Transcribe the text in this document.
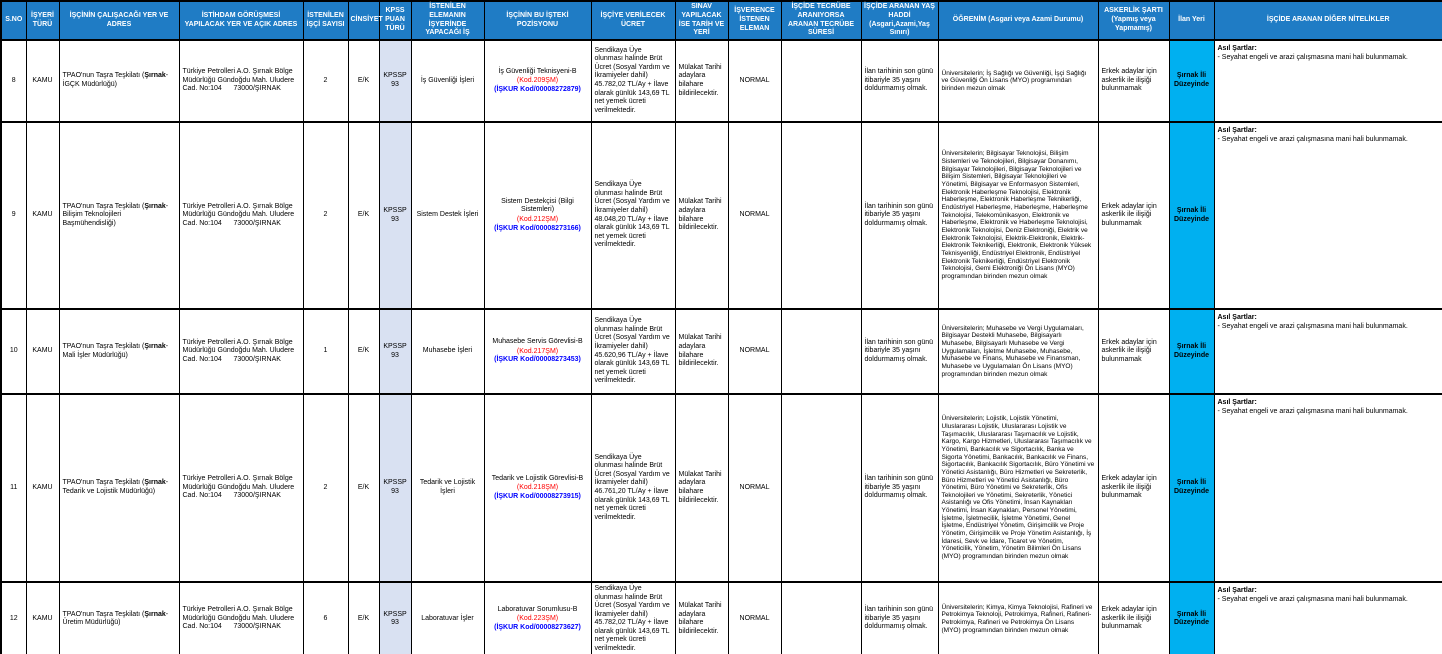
S.NO	İŞYERİ TÜRÜ	İŞÇİNİN ÇALIŞACAĞI YER VE ADRES	İSTİHDAM GÖRÜŞMESİ YAPILACAK YER VE AÇIK ADRES	İSTENİLEN İŞÇİ SAYISI	CİNSİYET	KPSS PUAN TÜRÜ	İSTENİLEN ELEMANIN İŞYERİNDE YAPACAĞI İŞ	İŞÇİNİN BU İŞTEKİ POZİSYONU	İŞÇİYE VERİLECEK ÜCRET	SINAV YAPILACAK İSE TARİH VE YERİ	İŞVERENCE İSTENEN ELEMAN	İŞÇİDE TECRÜBE ARANIYORSA ARANAN TECRÜBE SÜRESİ	İŞÇİDE ARANAN YAŞ HADDİ (Asgari,Azami,Yaş Sınırı)	ÖĞRENİM (Asgari veya Azami Durumu)	ASKERLİK ŞARTI (Yapmış veya Yapmamış)	İlan Yeri	İŞÇİDE ARANAN DİĞER NİTELİKLER
8	KAMU	TPAO'nun Taşra Teşkilatı (Şırnak-İGÇK Müdürlüğü)	Türkiye Petrolleri A.O. Şırnak Bölge Müdürlüğü Gündoğdu Mah. Uludere Cad. No:104      73000/ŞIRNAK	2	E/K	KPSSP93	İş Güvenliği İşleri	
İş Güvenliği Teknisyeni-B
(Kod.209ŞM)
(İŞKUR Kod/00008272879)
	Sendikaya Üye olunması halinde Brüt Ücret (Sosyal Yardım ve İkramiyeler dahil) 45.782,02 TL/Ay + İlave olarak günlük 143,69 TL net yemek ücreti verilmektedir.	Mülakat Tarihi adaylara bilahare bildirilecektir.	NORMAL		İlan tarihinin son günü itibariyle 35 yaşını doldurmamış olmak.	Üniversitelerin; İş Sağlığı ve Güvenliği, İşçi Sağlığı ve Güvenliği Ön Lisans (MYO) programından birinden mezun olmak	Erkek adaylar için askerlik ile ilişiği bulunmamak	Şırnak İli Düzeyinde	
Asıl Şartlar:
- Seyahat engeli ve arazi çalışmasına mani hali bulunmamak.
9	KAMU	TPAO'nun Taşra Teşkilatı (Şırnak-Bilişim Teknolojileri Başmühendisliği)	Türkiye Petrolleri A.O. Şırnak Bölge Müdürlüğü Gündoğdu Mah. Uludere Cad. No:104      73000/ŞIRNAK	2	E/K	KPSSP93	Sistem Destek İşleri	
Sistem Destekçisi (Bilgi Sistemleri)
(Kod.212ŞM)
(İŞKUR Kod/00008273166)
	Sendikaya Üye olunması halinde Brüt Ücret (Sosyal Yardım ve İkramiyeler dahil) 48.048,20 TL/Ay + İlave olarak günlük 143,69 TL net yemek ücreti verilmektedir.	Mülakat Tarihi adaylara bilahare bildirilecektir.	NORMAL		İlan tarihinin son günü itibariyle 35 yaşını doldurmamış olmak.	Üniversitelerin; Bilgisayar Teknolojisi, Bilişim Sistemleri ve Teknolojileri, Bilgisayar Donanımı, Bilgisayar Teknolojileri, Bilgisayar Teknolojileri ve Bilişim Sistemleri, Bilgisayar Teknolojileri ve Yönetimi, Bilgisayar ve Enformasyon Sistemleri, Elektronik Haberleşme Teknolojisi, Elektronik Haberleşme, Elektronik Haberleşme Teknikerliği, Endüstriyel Haberleşme, Haberleşme, Haberleşme Teknolojisi, Telekomünikasyon, Elektronik ve Haberleşme, Elektronik ve Haberleşme Teknolojisi, Elektronik Teknolojisi, Deniz Elektroniği, Elektrik ve Elektronik Teknolojisi, Elektrik-Elektronik, Elektrik-Elektronik Teknikerliği, Elektronik, Elektronik Yüksek Teknisyenliği, Endüstriyel Elektronik, Endüstriyel Elektronik Teknikerliği, Endüstriyel Elektronik Teknolojisi, Gemi Elektroniği Ön Lisans (MYO) programından birinden mezun olmak	Erkek adaylar için askerlik ile ilişiği bulunmamak	Şırnak İli Düzeyinde	
Asıl Şartlar:
- Seyahat engeli ve arazi çalışmasına mani hali bulunmamak.
10	KAMU	TPAO'nun Taşra Teşkilatı (Şırnak-Mali İşler Müdürlüğü)	Türkiye Petrolleri A.O. Şırnak Bölge Müdürlüğü Gündoğdu Mah. Uludere Cad. No:104      73000/ŞIRNAK	1	E/K	KPSSP93	Muhasebe İşleri	
Muhasebe Servis Görevlisi-B
(Kod.217ŞM)
(İŞKUR Kod/00008273453)
	Sendikaya Üye olunması halinde Brüt Ücret (Sosyal Yardım ve İkramiyeler dahil) 45.620,96 TL/Ay + İlave olarak günlük 143,69 TL net yemek ücreti verilmektedir.	Mülakat Tarihi adaylara bilahare bildirilecektir.	NORMAL		İlan tarihinin son günü itibariyle 35 yaşını doldurmamış olmak.	Üniversitelerin; Muhasebe ve Vergi Uygulamaları, Bilgisayar Destekli Muhasebe, Bilgisayarlı Muhasebe, Bilgisayarlı Muhasebe ve Vergi Uygulamaları, İşletme Muhasebe, Muhasebe, Muhasebe ve Finans, Muhasebe ve Finansman, Muhasebe ve Uygulamaları Ön Lisans (MYO) programından birinden mezun olmak	Erkek adaylar için askerlik ile ilişiği bulunmamak	Şırnak İli Düzeyinde	
Asıl Şartlar:
- Seyahat engeli ve arazi çalışmasına mani hali bulunmamak.
11	KAMU	TPAO'nun Taşra Teşkilatı (Şırnak-Tedarik ve Lojistik Müdürlüğü)	Türkiye Petrolleri A.O. Şırnak Bölge Müdürlüğü Gündoğdu Mah. Uludere Cad. No:104      73000/ŞIRNAK	2	E/K	KPSSP93	Tedarik ve Lojistik İşleri	
Tedarik ve Lojistik Görevlisi-B
(Kod.218ŞM)
(İŞKUR Kod/00008273915)
	Sendikaya Üye olunması halinde Brüt Ücret (Sosyal Yardım ve İkramiyeler dahil) 46.761,20 TL/Ay + İlave olarak günlük 143,69 TL net yemek ücreti verilmektedir.	Mülakat Tarihi adaylara bilahare bildirilecektir.	NORMAL		İlan tarihinin son günü itibariyle 35 yaşını doldurmamış olmak.	Üniversitelerin; Lojistik, Lojistik Yönetimi, Uluslararası Lojistik, Uluslararası Lojistik ve Taşımacılık, Uluslararası Taşımacılık ve Lojistik, Kargo, Kargo Hizmetleri, Uluslararası Taşımacılık ve Yönetimi, Bankacılık ve Sigortacılık, Banka ve Sigorta Yönetimi, Bankacılık, Bankacılık ve Finans, Sigortacılık, Bankacılık Sigortacılık, Büro Yönetimi ve Yönetici Asistanlığı, Büro Hizmetleri ve Sekreterlik, Büro Hizmetleri ve Yönetici Asistanlığı, Büro Yönetimi, Büro Yönetimi ve Sekreterlik, Ofis Teknolojileri ve Yönetimi, Sekreterlik, Yönetici Asistanlığı ve Ofis Yönetimi, İnsan Kaynakları Yönetimi, İnsan Kaynakları, Personel Yönetimi, İşletme, İşletmecilik, İşletme Yönetimi, Genel İşletme, Endüstriyel Yönetim, Girişimcilik ve Proje Yönetim, Girişimcilik ve Proje Yönetim Asistanlığı, İş İdaresi, Sevk ve İdare, Ticaret ve Yönetim, Yöneticilik, Yönetim, Yönetim Bilimleri Ön Lisans (MYO) programından birinden mezun olmak	Erkek adaylar için askerlik ile ilişiği bulunmamak	Şırnak İli Düzeyinde	
Asıl Şartlar:
- Seyahat engeli ve arazi çalışmasına mani hali bulunmamak.
12	KAMU	TPAO'nun Taşra Teşkilatı (Şırnak-Üretim Müdürlüğü)	Türkiye Petrolleri A.O. Şırnak Bölge Müdürlüğü Gündoğdu Mah. Uludere Cad. No:104      73000/ŞIRNAK	6	E/K	KPSSP93	Laboratuvar İşler	
Laboratuvar Sorumlusu-B
(Kod.223ŞM)
(İŞKUR Kod/00008273627)
	Sendikaya Üye olunması halinde Brüt Ücret (Sosyal Yardım ve İkramiyeler dahil) 45.782,02 TL/Ay + İlave olarak günlük 143,69 TL net yemek ücreti verilmektedir.	Mülakat Tarihi adaylara bilahare bildirilecektir.	NORMAL		İlan tarihinin son günü itibariyle 35 yaşını doldurmamış olmak.	Üniversitelerin; Kimya, Kimya Teknolojisi, Rafineri ve Petrokimya Teknoloji, Petrokimya, Rafineri, Rafineri-Petrokimya, Rafineri ve Petrokimya Ön Lisans (MYO) programından birinden mezun olmak	Erkek adaylar için askerlik ile ilişiği bulunmamak	Şırnak İli Düzeyinde	
Asıl Şartlar:
- Seyahat engeli ve arazi çalışmasına mani hali bulunmamak.
